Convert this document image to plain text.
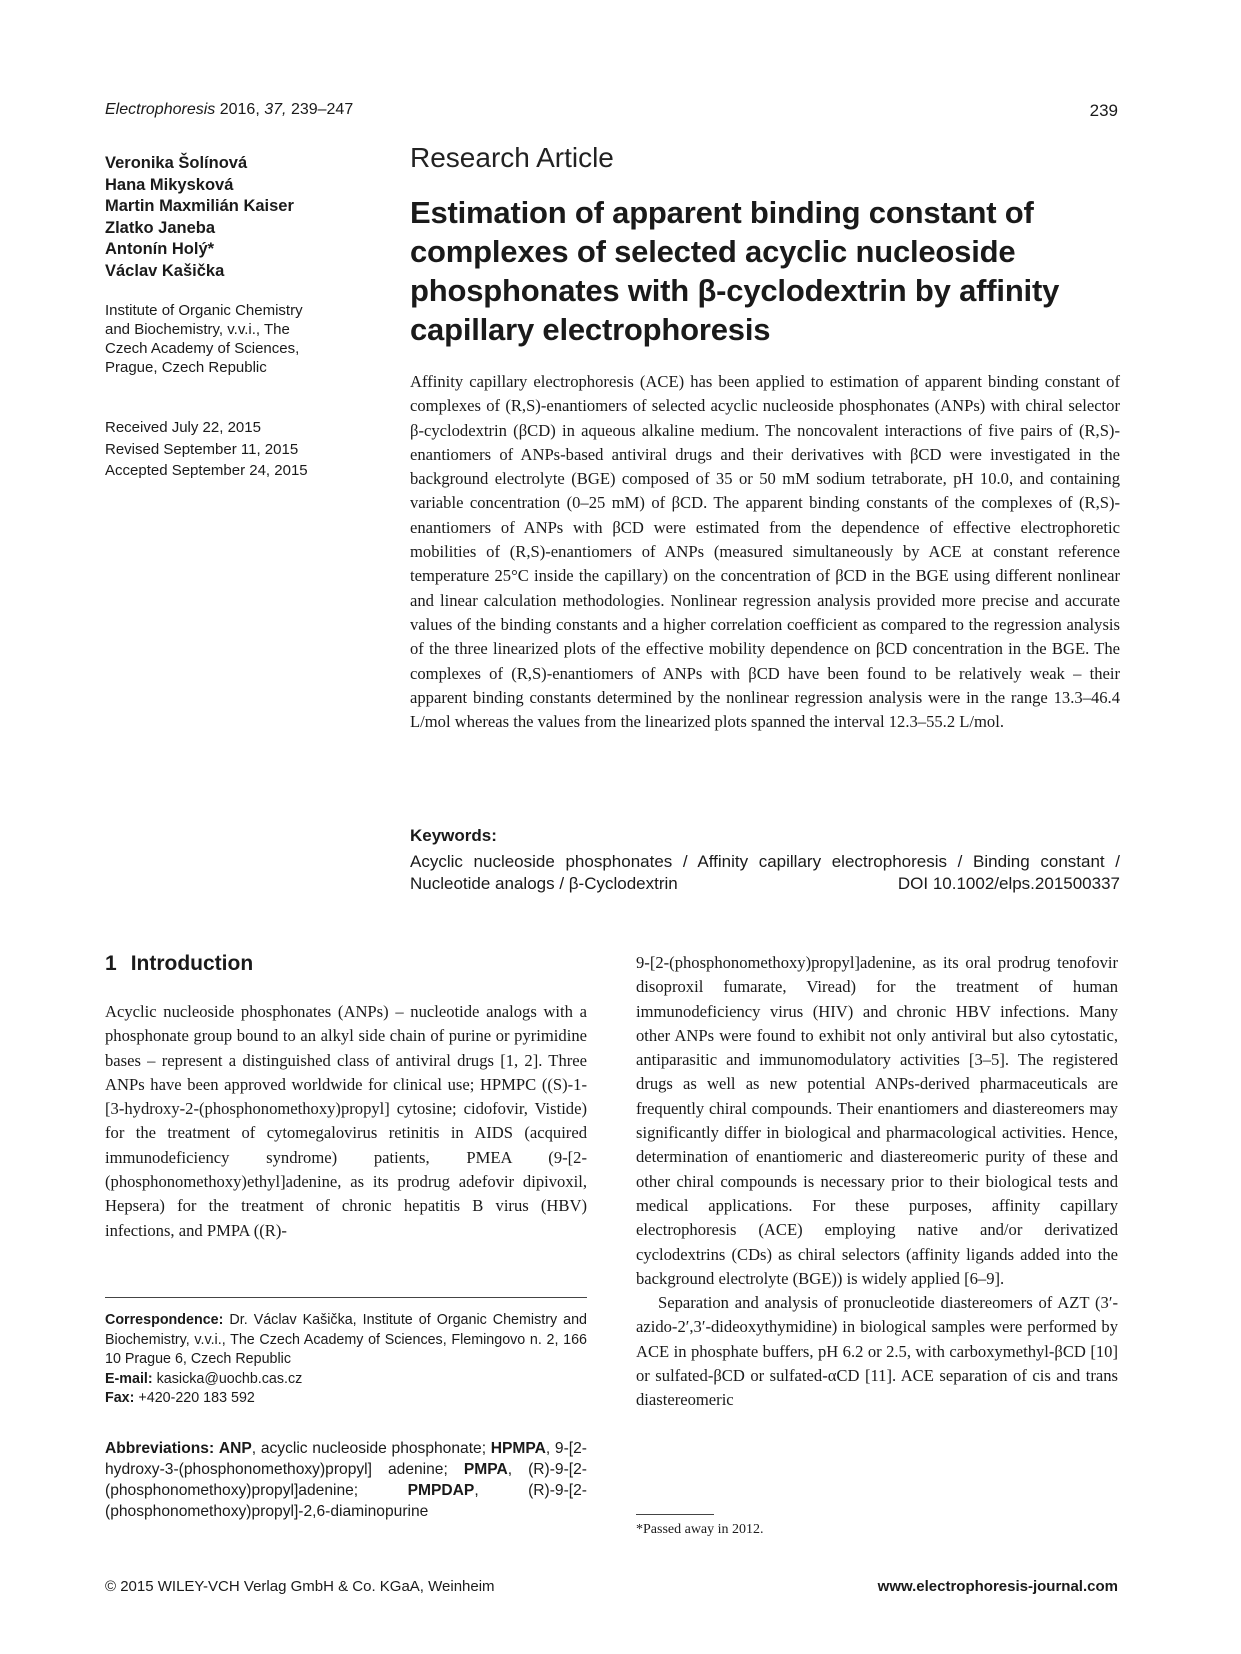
Electrophoresis 2016, 37, 239–247	239
Veronika Šolínová
Hana Mikysková
Martin Maxmilián Kaiser
Zlatko Janeba
Antonín Holý*
Václav Kašička
Institute of Organic Chemistry
and Biochemistry, v.v.i., The
Czech Academy of Sciences,
Prague, Czech Republic
Received July 22, 2015
Revised September 11, 2015
Accepted September 24, 2015
Research Article
Estimation of apparent binding constant of complexes of selected acyclic nucleoside phosphonates with β-cyclodextrin by affinity capillary electrophoresis

Affinity capillary electrophoresis (ACE) has been applied to estimation of apparent binding constant of complexes of (R,S)-enantiomers of selected acyclic nucleoside phosphonates (ANPs) with chiral selector β-cyclodextrin (βCD) in aqueous alkaline medium. The noncovalent interactions of five pairs of (R,S)-enantiomers of ANPs-based antiviral drugs and their derivatives with βCD were investigated in the background electrolyte (BGE) composed of 35 or 50 mM sodium tetraborate, pH 10.0, and containing variable concentration (0–25 mM) of βCD. The apparent binding constants of the complexes of (R,S)-enantiomers of ANPs with βCD were estimated from the dependence of effective electrophoretic mobilities of (R,S)-enantiomers of ANPs (measured simultaneously by ACE at constant reference temperature 25°C inside the capillary) on the concentration of βCD in the BGE using different nonlinear and linear calculation methodologies. Nonlinear regression analysis provided more precise and accurate values of the binding constants and a higher correlation coefficient as compared to the regression analysis of the three linearized plots of the effective mobility dependence on βCD concentration in the BGE. The complexes of (R,S)-enantiomers of ANPs with βCD have been found to be relatively weak – their apparent binding constants determined by the nonlinear regression analysis were in the range 13.3–46.4 L/mol whereas the values from the linearized plots spanned the interval 12.3–55.2 L/mol.

Keywords:
Acyclic nucleoside phosphonates / Affinity capillary electrophoresis / Binding constant / Nucleotide analogs / β-Cyclodextrin	DOI 10.1002/elps.201500337
1 Introduction

Acyclic nucleoside phosphonates (ANPs) – nucleotide analogs with a phosphonate group bound to an alkyl side chain of purine or pyrimidine bases – represent a distinguished class of antiviral drugs [1, 2]. Three ANPs have been approved worldwide for clinical use; HPMPC ((S)-1-[3-hydroxy-2-(phosphonomethoxy)propyl] cytosine; cidofovir, Vistide) for the treatment of cytomegalovirus retinitis in AIDS (acquired immunodeficiency syndrome) patients, PMEA (9-[2-(phosphonomethoxy)ethyl]adenine, as its prodrug adefovir dipivoxil, Hepsera) for the treatment of chronic hepatitis B virus (HBV) infections, and PMPA ((R)-

9-[2-(phosphonomethoxy)propyl]adenine, as its oral prodrug tenofovir disoproxil fumarate, Viread) for the treatment of human immunodeficiency virus (HIV) and chronic HBV infections. Many other ANPs were found to exhibit not only antiviral but also cytostatic, antiparasitic and immunomodulatory activities [3–5]. The registered drugs as well as new potential ANPs-derived pharmaceuticals are frequently chiral compounds. Their enantiomers and diastereomers may significantly differ in biological and pharmacological activities. Hence, determination of enantiomeric and diastereomeric purity of these and other chiral compounds is necessary prior to their biological tests and medical applications. For these purposes, affinity capillary electrophoresis (ACE) employing native and/or derivatized cyclodextrins (CDs) as chiral selectors (affinity ligands added into the background electrolyte (BGE)) is widely applied [6–9].

Separation and analysis of pronucleotide diastereomers of AZT (3′-azido-2′,3′-dideoxythymidine) in biological samples were performed by ACE in phosphate buffers, pH 6.2 or 2.5, with carboxymethyl-βCD [10] or sulfated-βCD or sulfated-αCD [11]. ACE separation of cis and trans diastereomeric

Correspondence: Dr. Václav Kašička, Institute of Organic Chemistry and Biochemistry, v.v.i., The Czech Academy of Sciences, Flemingovo n. 2, 166 10 Prague 6, Czech Republic
E-mail: kasicka@uochb.cas.cz
Fax: +420-220 183 592
Abbreviations: ANP, acyclic nucleoside phosphonate; HPMPA, 9-[2-hydroxy-3-(phosphonomethoxy)propyl] adenine; PMPA, (R)-9-[2-(phosphonomethoxy)propyl]adenine;	PMPDAP, (R)-9-[2-(phosphonomethoxy)propyl]-2,6-diaminopurine
*Passed away in 2012.
© 2015 WILEY-VCH Verlag GmbH & Co. KGaA, Weinheim	www.electrophoresis-journal.com
